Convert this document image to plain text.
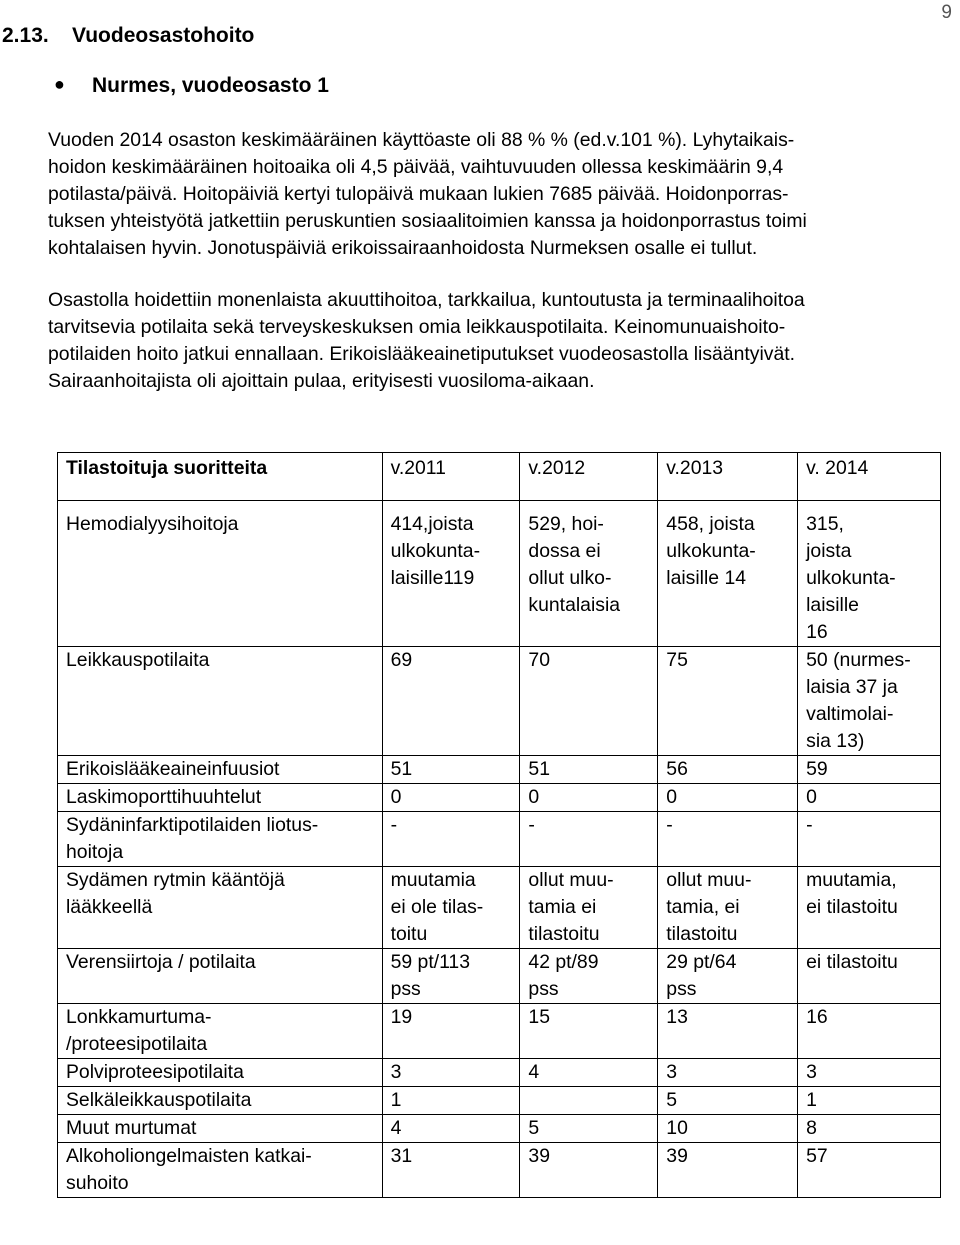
9
2.13. Vuodeosastohoito
● Nurmes, vuodeosasto 1

Vuoden 2014 osaston keskimääräinen käyttöaste oli 88 % % (ed.v.101 %). Lyhytaikais-
hoidon keskimääräinen hoitoaika oli 4,5 päivää, vaihtuvuuden ollessa keskimäärin 9,4
potilasta/päivä. Hoitopäiviä kertyi tulopäivä mukaan lukien 7685 päivää. Hoidonporras-
tuksen yhteistyötä jatkettiin peruskuntien sosiaalitoimien kanssa ja hoidonporrastus toimi
kohtalaisen hyvin. Jonotuspäiviä erikoissairaanhoidosta Nurmeksen osalle ei tullut.

Osastolla hoidettiin monenlaista akuuttihoitoa, tarkkailua, kuntoutusta ja terminaalihoitoa
tarvitsevia potilaita sekä terveyskeskuksen omia leikkauspotilaita. Keinomunuaishoito-
potilaiden hoito jatkui ennallaan. Erikoislääkeainetiputukset vuodeosastolla lisääntyivät.
Sairaanhoitajista oli ajoittain pulaa, erityisesti vuosiloma-aikaan.

Tilastoituja suoritteita	v.2011	v.2012	v.2013	v. 2014
Hemodialyysihoitoja	414,joista
ulkokunta-
laisille119	529, hoi-
dossa ei
ollut ulko-
kuntalaisia	458, joista
ulkokunta-
laisille 14	315,
joista
ulkokunta-
laisille
16
Leikkauspotilaita	69	70	75	50 (nurmes-
laisia 37 ja
valtimolai-
sia 13)
Erikoislääkeaineinfuusiot	51	51	56	59
Laskimoporttihuuhtelut	0	0	0	0
Sydäninfarktipotilaiden liotus-
hoitoja	-	-	-	-
Sydämen rytmin kääntöjä
lääkkeellä	muutamia
ei ole tilas-
toitu	ollut muu-
tamia ei
tilastoitu	ollut muu-
tamia, ei
tilastoitu	muutamia,
ei tilastoitu
Verensiirtoja / potilaita	59 pt/113
pss	42 pt/89
pss	29 pt/64
pss	ei tilastoitu
Lonkkamurtuma-
/proteesipotilaita	19	15	13	16
Polviproteesipotilaita	3	4	3	3
Selkäleikkauspotilaita	1		5	1
Muut murtumat	4	5	10	8
Alkoholiongelmaisten katkai-
suhoito	31	39	39	57
